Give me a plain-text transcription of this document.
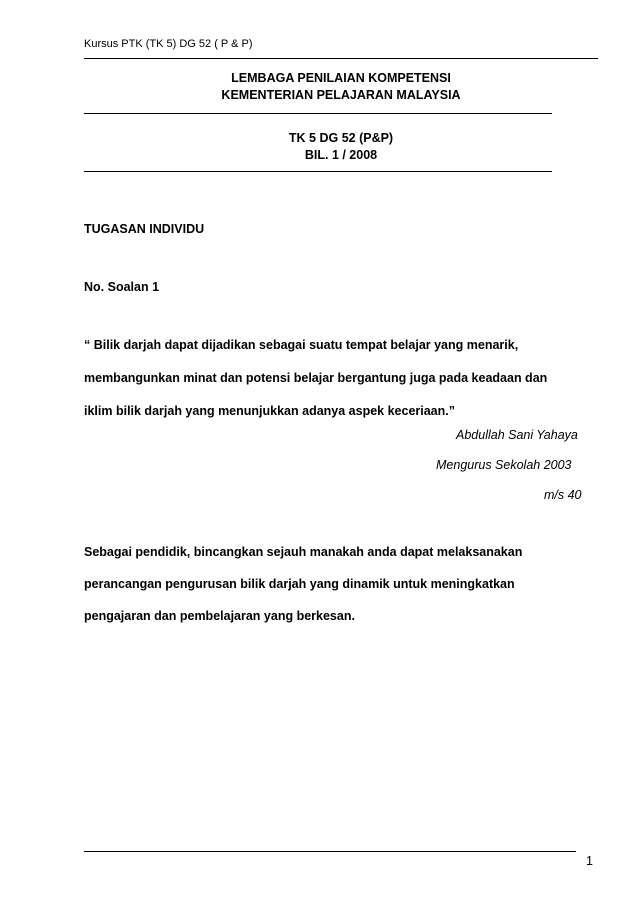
Kursus PTK (TK 5) DG 52 ( P & P)
LEMBAGA PENILAIAN KOMPETENSI
KEMENTERIAN PELAJARAN MALAYSIA
TK 5 DG 52 (P&P)
BIL. 1 / 2008
TUGASAN INDIVIDU
No. Soalan 1
“ Bilik darjah dapat dijadikan sebagai suatu tempat belajar yang menarik,
membangunkan minat dan potensi belajar bergantung juga pada keadaan dan
iklim bilik darjah yang menunjukkan adanya aspek keceriaan.”
Abdullah Sani Yahaya
Mengurus Sekolah 2003
m/s 40
Sebagai pendidik, bincangkan sejauh manakah anda dapat melaksanakan
perancangan pengurusan bilik darjah yang dinamik untuk meningkatkan
pengajaran dan pembelajaran yang berkesan.
1
